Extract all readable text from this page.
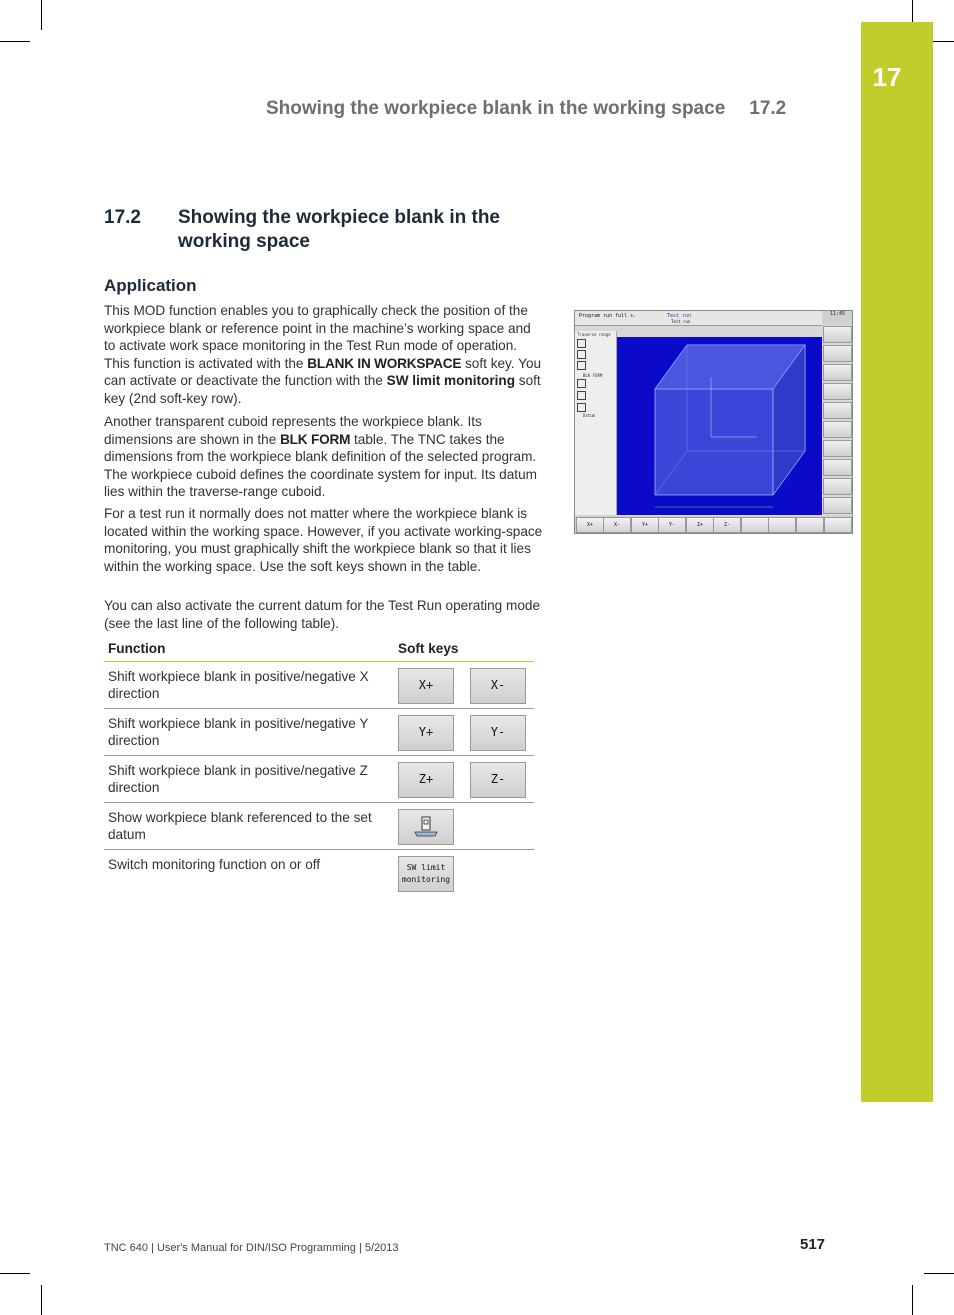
17
Showing the workpiece blank in the working space 17.2
17.2	Showing the workpiece blank in the working space
Application
This MOD function enables you to graphically check the position of the workpiece blank or reference point in the machine’s working space and to activate work space monitoring in the Test Run mode of operation. This function is activated with the BLANK IN WORKSPACE soft key. You can activate or deactivate the function with the SW limit monitoring soft key (2nd soft-key row).
Another transparent cuboid represents the workpiece blank. Its dimensions are shown in the BLK FORM table. The TNC takes the dimensions from the workpiece blank definition of the selected program. The workpiece cuboid defines the coordinate system for input. Its datum lies within the traverse-range cuboid.
For a test run it normally does not matter where the workpiece blank is located within the working space. However, if you activate working-space monitoring, you must graphically shift the workpiece blank so that it lies within the working space. Use the soft keys shown in the table.
You can also activate the current datum for the Test Run operating mode (see the last line of the following table).
Function	Soft keys
Shift workpiece blank in positive/negative X direction	X+ X-

Shift workpiece blank in positive/negative Y direction	Y+ Y-

Shift workpiece blank in positive/negative Z direction	Z+ Z-

Show workpiece blank referenced to the set datum	

Switch monitoring function on or off	SW limit
monitoring
Program run full s.	Test run
Test run
11:45
Traverse range
BLK FORM
Datum
X+	X-	Y+	Y-	Z+	Z-
TNC 640 | User's Manual for DIN/ISO Programming | 5/2013	517
